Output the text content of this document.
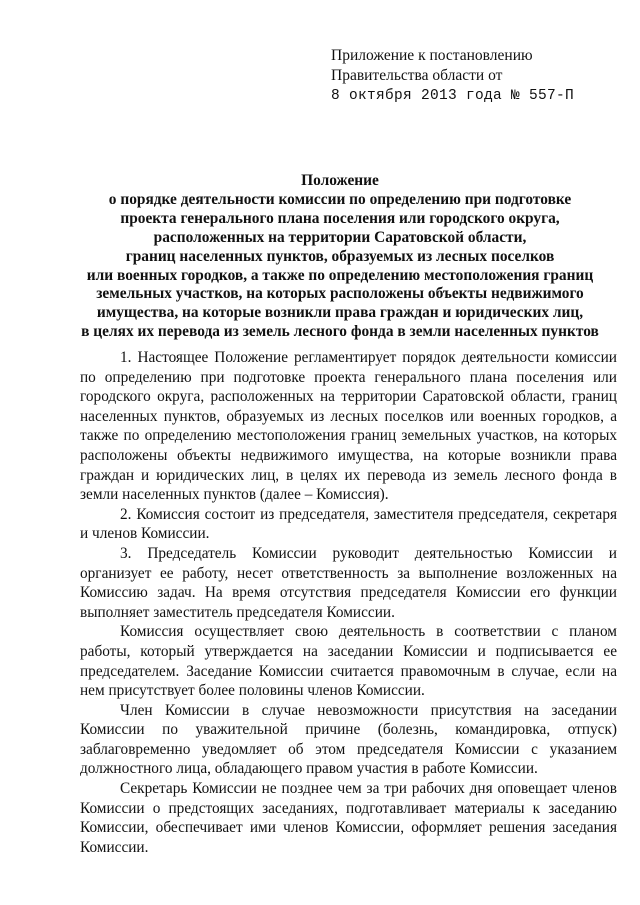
Приложение к постановлению
Правительства области от
8 октября 2013 года № 557-П
Положение
о порядке деятельности комиссии по определению при подготовке
проекта генерального плана поселения или городского округа,
расположенных на территории Саратовской области,
границ населенных пунктов, образуемых из лесных поселков
или военных городков, а также по определению местоположения границ
земельных участков, на которых расположены объекты недвижимого
имущества, на которые возникли права граждан и юридических лиц,
в целях их перевода из земель лесного фонда в земли населенных пунктов

1. Настоящее Положение регламентирует порядок деятельности комиссии по определению при подготовке проекта генерального плана поселения или городского округа, расположенных на территории Саратовской области, границ населенных пунктов, образуемых из лесных поселков или военных городков, а также по определению местоположения границ земельных участков, на которых расположены объекты недвижимого имущества, на которые возникли права граждан и юридических лиц, в целях их перевода из земель лесного фонда в земли населенных пунктов (далее – Комиссия).

2. Комиссия состоит из председателя, заместителя председателя, секретаря и членов Комиссии.

3. Председатель Комиссии руководит деятельностью Комиссии и организует ее работу, несет ответственность за выполнение возложенных на Комиссию задач. На время отсутствия председателя Комиссии его функции выполняет заместитель председателя Комиссии.

Комиссия осуществляет свою деятельность в соответствии с планом работы, который утверждается на заседании Комиссии и подписывается ее председателем. Заседание Комиссии считается правомочным в случае, если на нем присутствует более половины членов Комиссии.

Член Комиссии в случае невозможности присутствия на заседании Комиссии по уважительной причине (болезнь, командировка, отпуск) заблаговременно уведомляет об этом председателя Комиссии с указанием должностного лица, обладающего правом участия в работе Комиссии.

Секретарь Комиссии не позднее чем за три рабочих дня оповещает членов Комиссии о предстоящих заседаниях, подготавливает материалы к заседанию Комиссии, обеспечивает ими членов Комиссии, оформляет решения заседания Комиссии.
